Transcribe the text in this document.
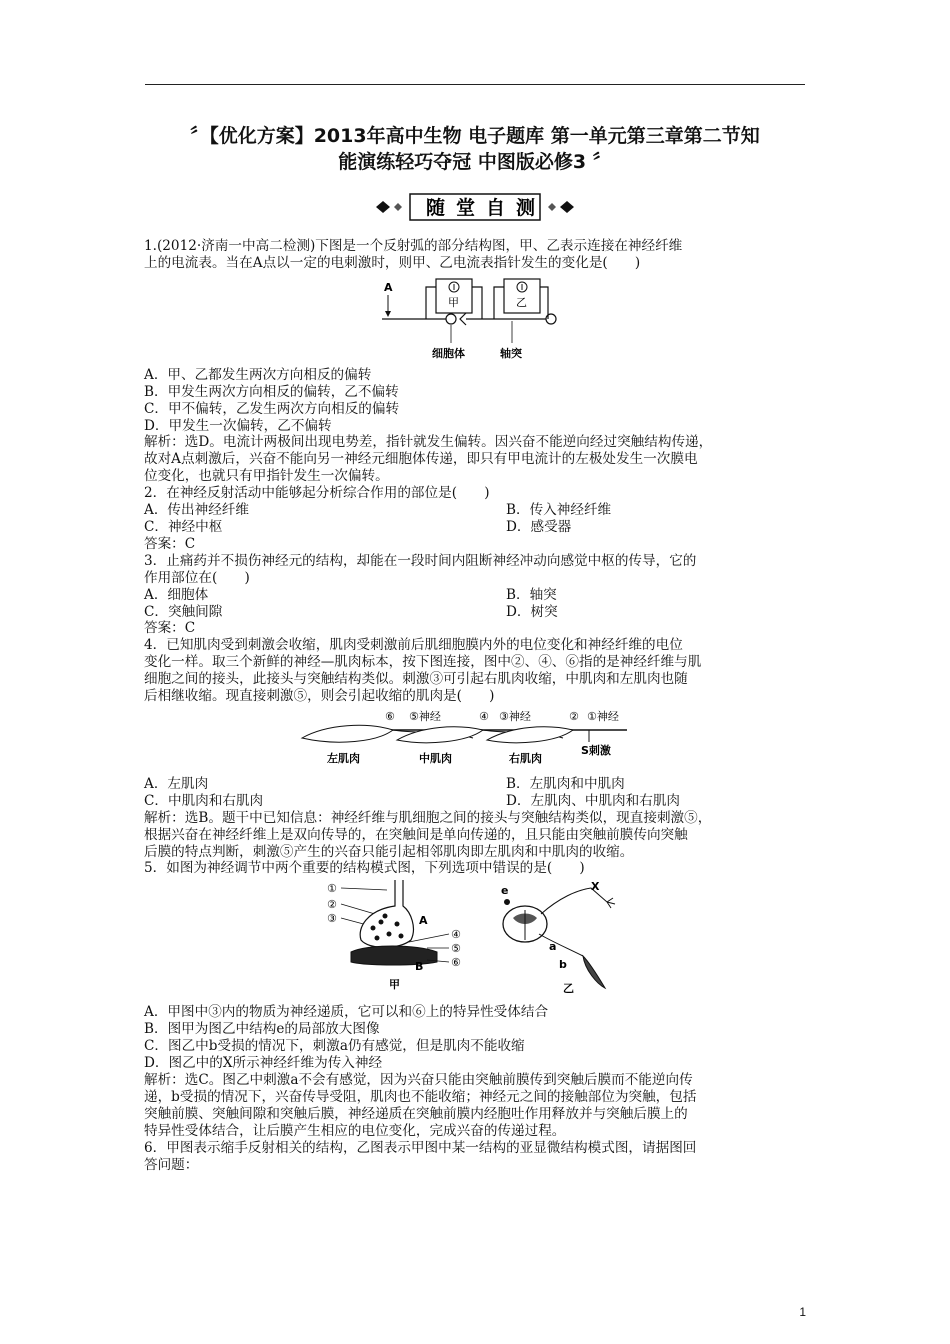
〞【优化方案】2013年高中生物 电子题库 第一单元第三章第二节知
能演练轻巧夺冠 中图版必修3 〞
随 堂 自 测

1.(2012·济南一中高二检测)下图是一个反射弧的部分结构图，甲、乙表示连接在神经纤维

上的电流表。当在A点以一定的电刺激时，则甲、乙电流表指针发生的变化是(　　)

A
甲	乙
细胞体	轴突

A．甲、乙都发生两次方向相反的偏转

B．甲发生两次方向相反的偏转，乙不偏转

C．甲不偏转，乙发生两次方向相反的偏转

D．甲发生一次偏转，乙不偏转

解析：选D。电流计两极间出现电势差，指针就发生偏转。因兴奋不能逆向经过突触结构传递，

故对A点刺激后，兴奋不能向另一神经元细胞体传递，即只有甲电流计的左极处发生一次膜电

位变化，也就只有甲指针发生一次偏转。

2．在神经反射活动中能够起分析综合作用的部位是(　　)

A．传出神经纤维	B．传入神经纤维
C．神经中枢	D．感受器

答案：C

3．止痛药并不损伤神经元的结构，却能在一段时间内阻断神经冲动向感觉中枢的传导，它的

作用部位在(　　)

A．细胞体	B．轴突
C．突触间隙	D．树突

答案：C

4．已知肌肉受到刺激会收缩，肌肉受刺激前后肌细胞膜内外的电位变化和神经纤维的电位

变化一样。取三个新鲜的神经—肌肉标本，按下图连接，图中②、④、⑥指的是神经纤维与肌

细胞之间的接头，此接头与突触结构类似。刺激③可引起右肌肉收缩，中肌肉和左肌肉也随

后相继收缩。现直接刺激⑤，则会引起收缩的肌肉是(　　)

⑥ ⑤神经	④ ③神经	② ①神经
左肌肉	中肌肉	右肌肉
S刺激
A．左肌肉	B．左肌肉和中肌肉
C．中肌肉和右肌肉	D．左肌肉、中肌肉和右肌肉

解析：选B。题干中已知信息：神经纤维与肌细胞之间的接头与突触结构类似，现直接刺激⑤，

根据兴奋在神经纤维上是双向传导的，在突触间是单向传递的，且只能由突触前膜传向突触

后膜的特点判断，刺激⑤产生的兴奋只能引起相邻肌肉即左肌肉和中肌肉的收缩。

5．如图为神经调节中两个重要的结构模式图，下列选项中错误的是(　　)

①
②
③	A
④
⑤
⑥
B
甲
e	X
a
b
乙

A．甲图中③内的物质为神经递质，它可以和⑥上的特异性受体结合

B．图甲为图乙中结构e的局部放大图像

C．图乙中b受损的情况下，刺激a仍有感觉，但是肌肉不能收缩

D．图乙中的X所示神经纤维为传入神经

解析：选C。图乙中刺激a不会有感觉，因为兴奋只能由突触前膜传到突触后膜而不能逆向传

递，b受损的情况下，兴奋传导受阻，肌肉也不能收缩；神经元之间的接触部位为突触，包括

突触前膜、突触间隙和突触后膜，神经递质在突触前膜内经胞吐作用释放并与突触后膜上的

特异性受体结合，让后膜产生相应的电位变化，完成兴奋的传递过程。

6．甲图表示缩手反射相关的结构，乙图表示甲图中某一结构的亚显微结构模式图，请据图回

答问题：

1
